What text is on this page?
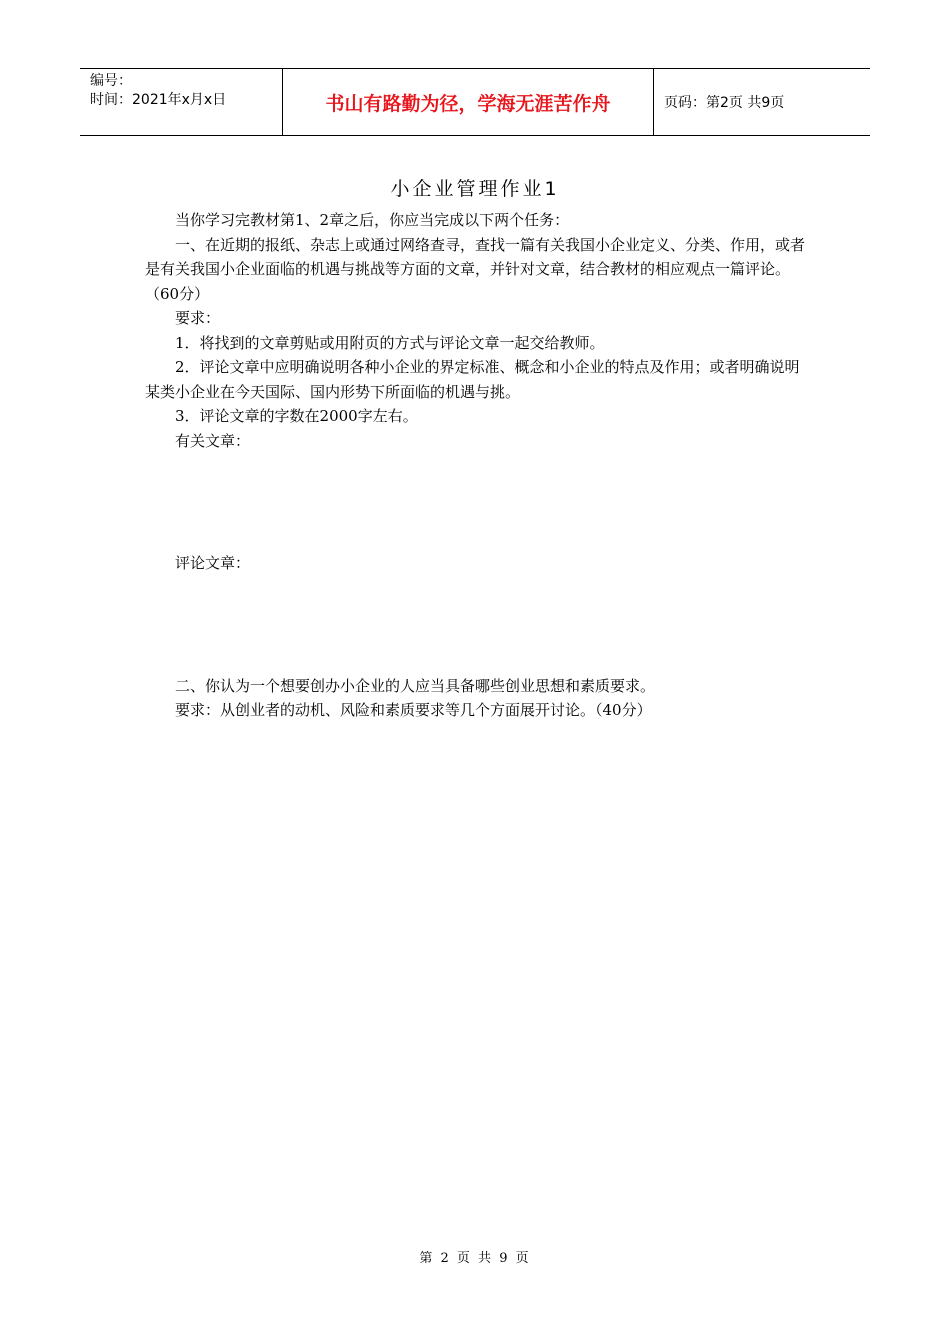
编号：
时间：2021年x月x日	书山有路勤为径，学海无涯苦作舟	页码：第2页 共9页
小企业管理作业1

当你学习完教材第1、2章之后，你应当完成以下两个任务：

一、在近期的报纸、杂志上或通过网络查寻，查找一篇有关我国小企业定义、分类、作用，或者是有关我国小企业面临的机遇与挑战等方面的文章，并针对文章，结合教材的相应观点一篇评论。（60分）

要求：

1．将找到的文章剪贴或用附页的方式与评论文章一起交给教师。

2．评论文章中应明确说明各种小企业的界定标准、概念和小企业的特点及作用；或者明确说明某类小企业在今天国际、国内形势下所面临的机遇与挑。

3．评论文章的字数在2000字左右。

有关文章：

评论文章：

二、你认为一个想要创办小企业的人应当具备哪些创业思想和素质要求。

要求：从创业者的动机、风险和素质要求等几个方面展开讨论。（40分）

第 2 页 共 9 页
